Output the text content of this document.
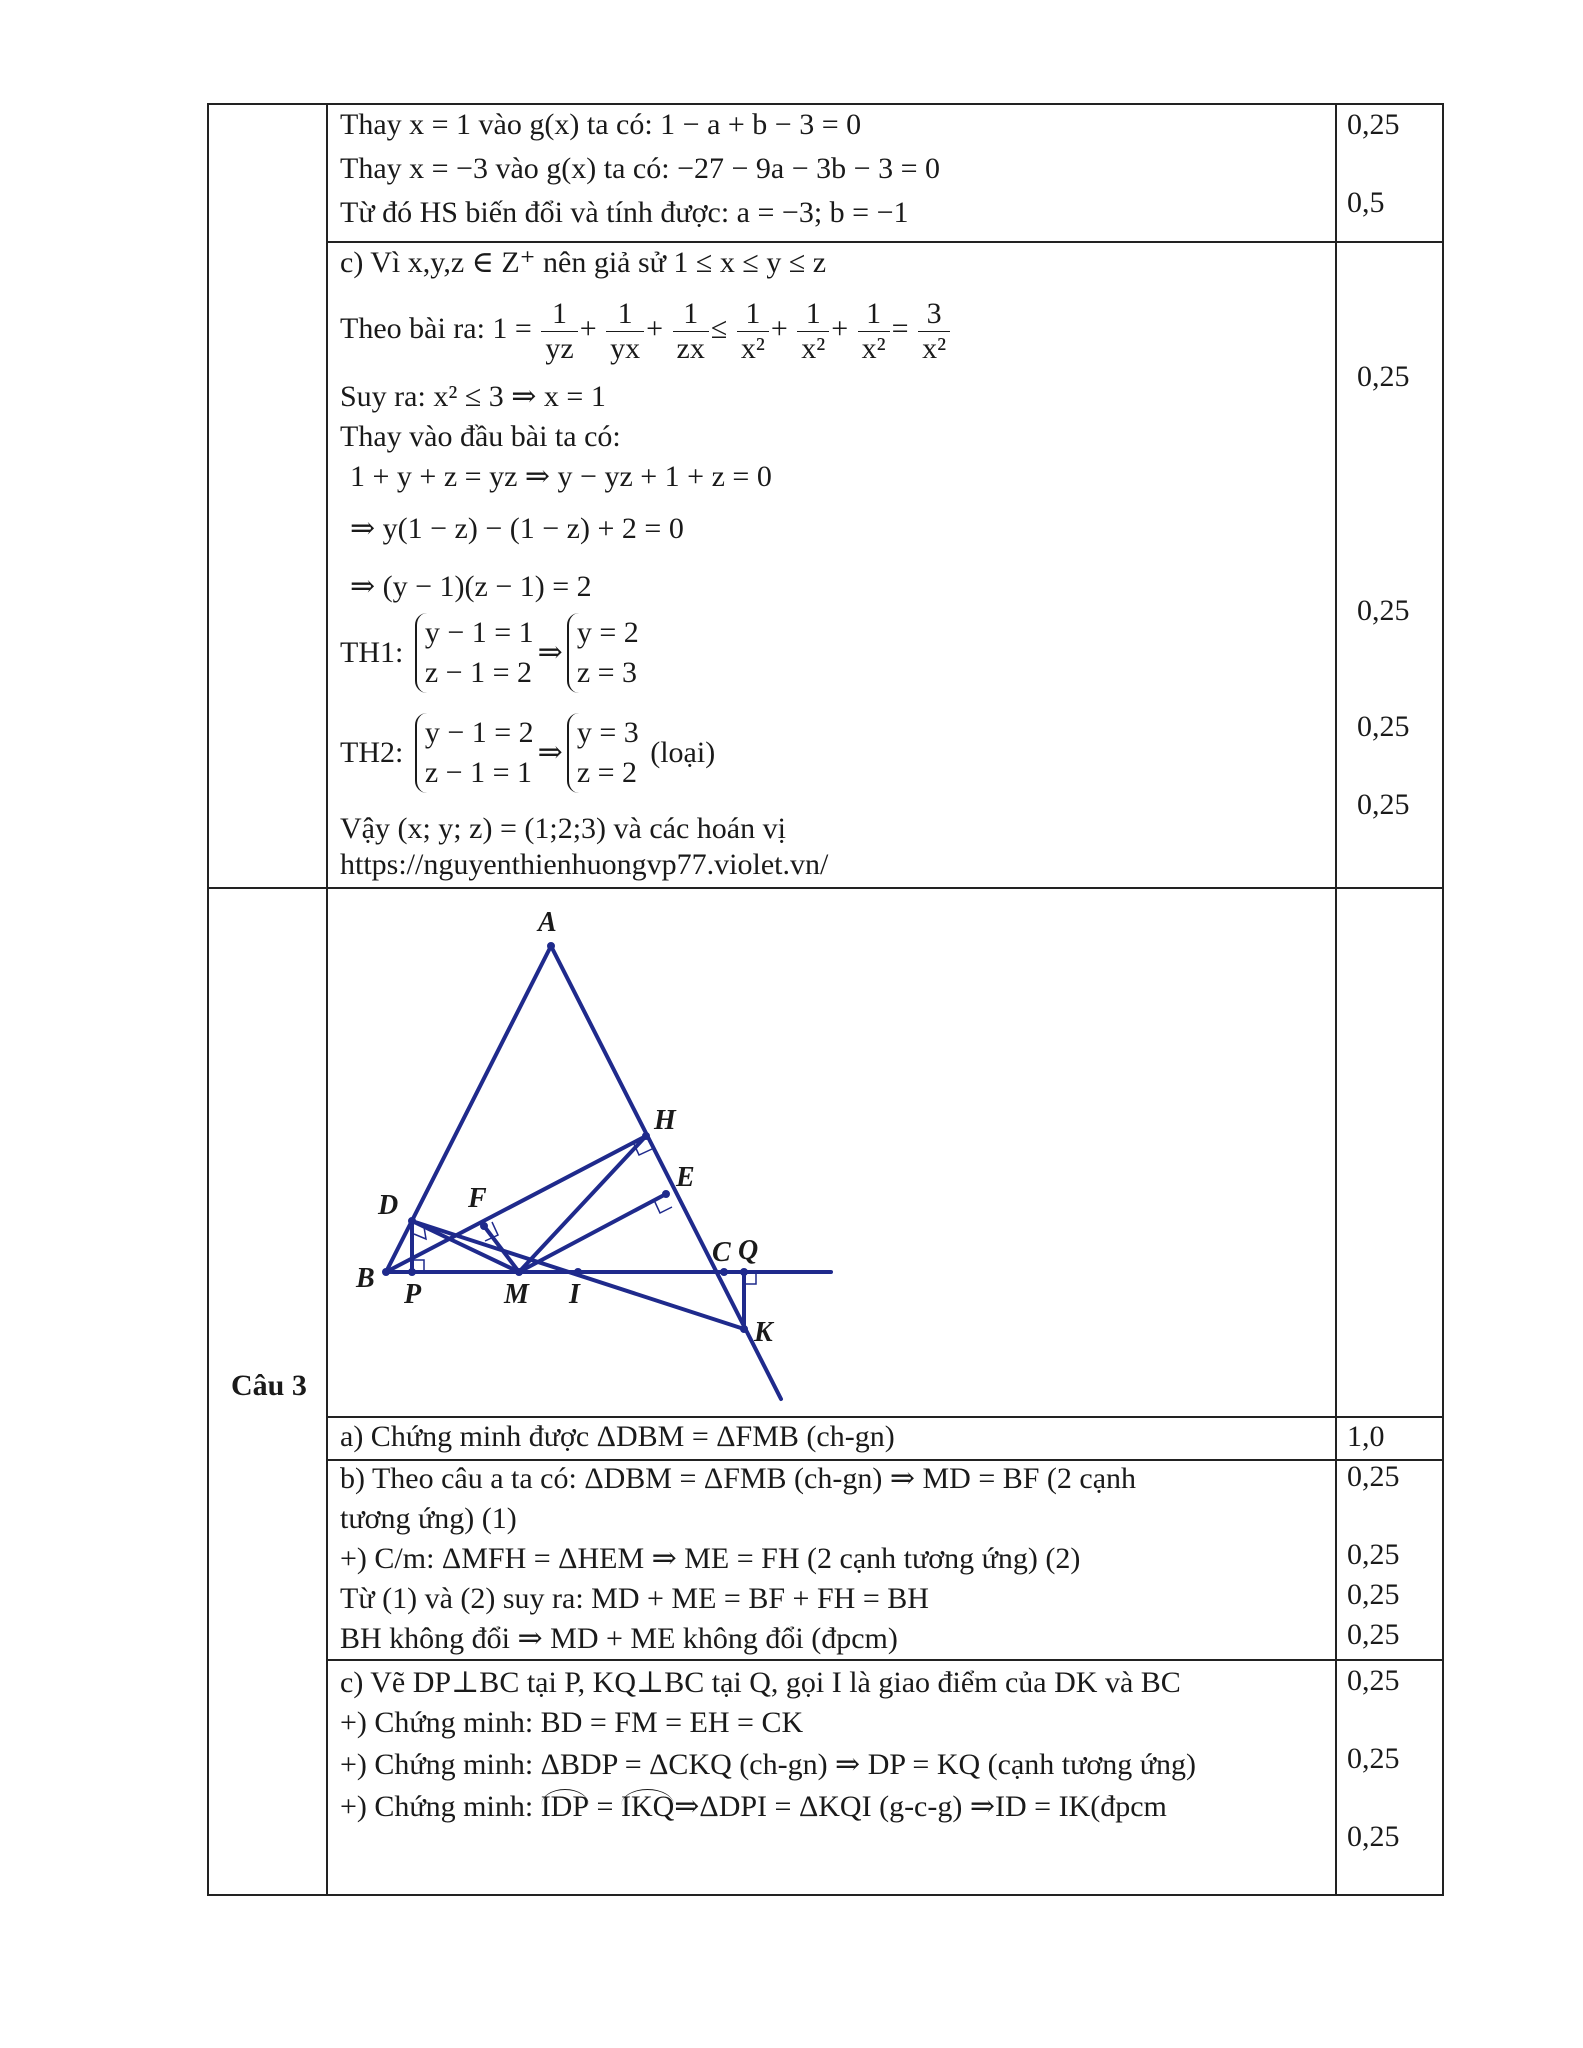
Thay x = 1 vào g(x) ta có: 1 − a + b − 3 = 0
Thay x = −3 vào g(x) ta có: −27 − 9a − 3b − 3 = 0
Từ đó HS biến đổi và tính được: a = −3; b = −1
0,25
0,5
c) Vì x,y,z ∈ Z⁺ nên giả sử 1 ≤ x ≤ y ≤ z
Theo bài ra: $1 = \frac{1}{yz} + \frac{1}{yx} + \frac{1}{zx} \le \frac{1}{\text{x²}} + \frac{1}{\text{x²}} + \frac{1}{\text{x²}} = \frac{3}{\text{x²}}$
Suy ra: x² ≤ 3 ⇒ x = 1
Thay vào đầu bài ta có:
1 + y + z = yz ⇒ y − yz + 1 + z = 0
⇒ y(1 − z) − (1 − z) + 2 = 0
⇒ (y − 1)(z − 1) = 2
TH1:
y − 1 = 1
z − 1 = 2
⇒
y = 2
z = 3
TH2:
y − 1 = 2
z − 1 = 1
⇒
y = 3
z = 2
(loại)
Vậy (x; y; z) = (1;2;3) và các hoán vị
https://nguyenthienhuongvp77.violet.vn/
0,25
0,25
0,25
0,25
Câu 3
A
H
E
D F
B
P	M I
C Q
K
a) Chứng minh được ΔDBM = ΔFMB (ch-gn)	1,0
b) Theo câu a ta có: ΔDBM = ΔFMB (ch-gn) ⇒ MD = BF (2 cạnh
tương ứng) (1)
+) C/m: ΔMFH = ΔHEM ⇒ ME = FH (2 cạnh tương ứng) (2)
Từ (1) và (2) suy ra: MD + ME = BF + FH = BH
BH không đổi ⇒ MD + ME không đổi (đpcm)
0,25
0,25
0,25
0,25
c) Vẽ DP⊥BC tại P, KQ⊥BC tại Q, gọi I là giao điểm của DK và BC
+) Chứng minh: BD = FM = EH = CK
+) Chứng minh: ΔBDP = ΔCKQ (ch-gn) ⇒ DP = KQ (cạnh tương ứng)
+) Chứng minh: IDP = IKQ⇒ΔDPI = ΔKQI (g-c-g) ⇒ID = IK(đpcm
0,25
0,25
0,25
